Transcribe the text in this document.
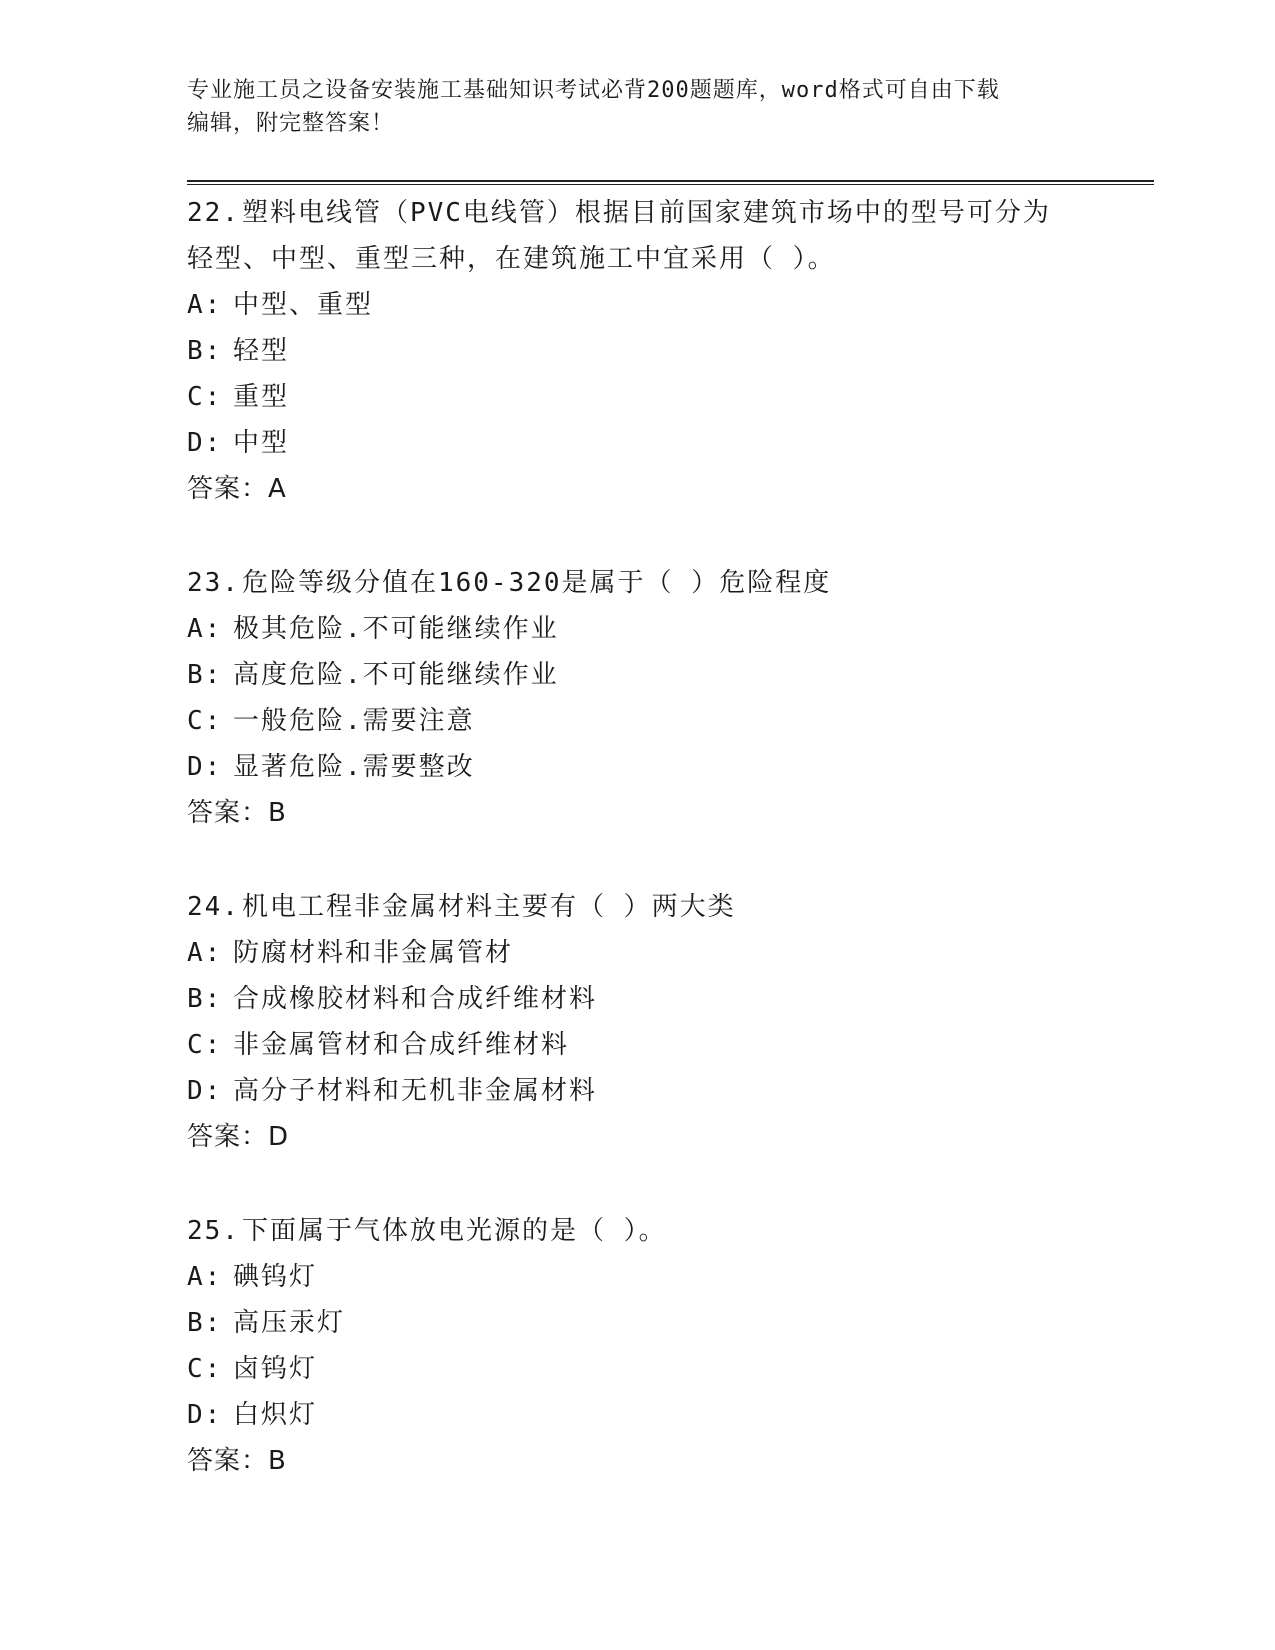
专业施工员之设备安装施工基础知识考试必背200题题库，word格式可自由下载
编辑，附完整答案！
22.塑料电线管（PVC电线管）根据目前国家建筑市场中的型号可分为
轻型、中型、重型三种，在建筑施工中宜采用（ ）。
A: 中型、重型
B: 轻型
C: 重型
D: 中型
答案：A
23.危险等级分值在160-320是属于（ ）危险程度
A: 极其危险.不可能继续作业
B: 高度危险.不可能继续作业
C: 一般危险.需要注意
D: 显著危险.需要整改
答案：B
24.机电工程非金属材料主要有（ ）两大类
A: 防腐材料和非金属管材
B: 合成橡胶材料和合成纤维材料
C: 非金属管材和合成纤维材料
D: 高分子材料和无机非金属材料
答案：D
25.下面属于气体放电光源的是（ ）。
A: 碘钨灯
B: 高压汞灯
C: 卤钨灯
D: 白炽灯
答案：B
